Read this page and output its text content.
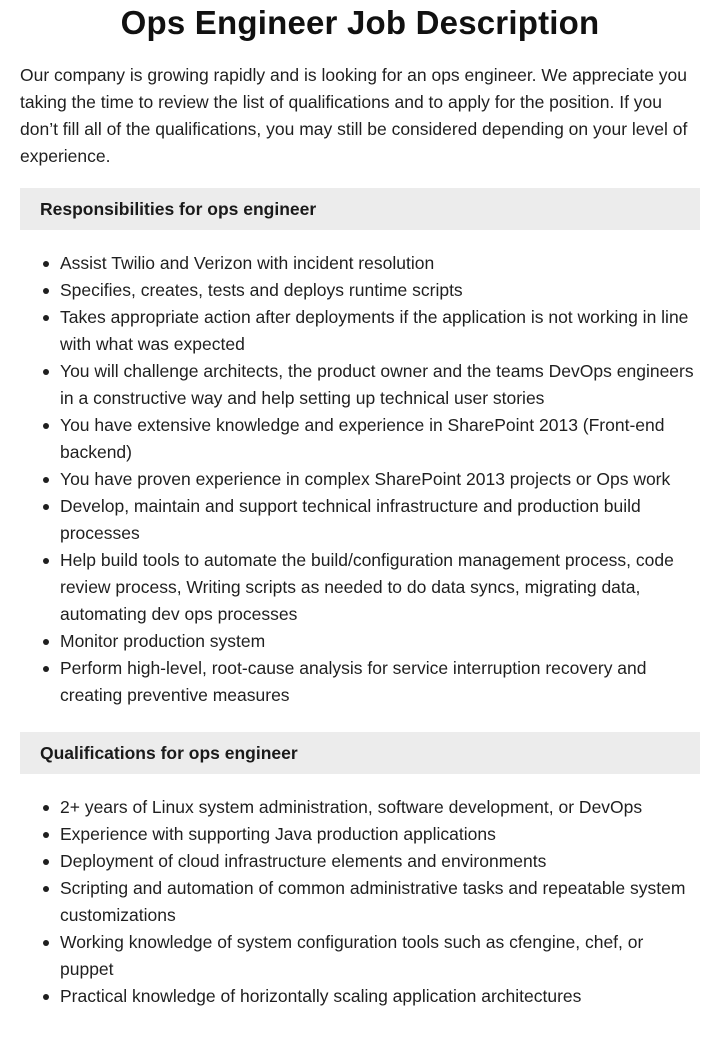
Ops Engineer Job Description

Our company is growing rapidly and is looking for an ops engineer. We appreciate you taking the time to review the list of qualifications and to apply for the position. If you don’t fill all of the qualifications, you may still be considered depending on your level of experience.

Responsibilities for ops engineer
Assist Twilio and Verizon with incident resolution
Specifies, creates, tests and deploys runtime scripts
Takes appropriate action after deployments if the application is not working in line with what was expected
You will challenge architects, the product owner and the teams DevOps engineers in a constructive way and help setting up technical user stories
You have extensive knowledge and experience in SharePoint 2013 (Front-end backend)
You have proven experience in complex SharePoint 2013 projects or Ops work
Develop, maintain and support technical infrastructure and production build processes
Help build tools to automate the build/configuration management process, code review process, Writing scripts as needed to do data syncs, migrating data, automating dev ops processes
Monitor production system
Perform high-level, root-cause analysis for service interruption recovery and creating preventive measures
Qualifications for ops engineer
2+ years of Linux system administration, software development, or DevOps
Experience with supporting Java production applications
Deployment of cloud infrastructure elements and environments
Scripting and automation of common administrative tasks and repeatable system customizations
Working knowledge of system configuration tools such as cfengine, chef, or puppet
Practical knowledge of horizontally scaling application architectures
